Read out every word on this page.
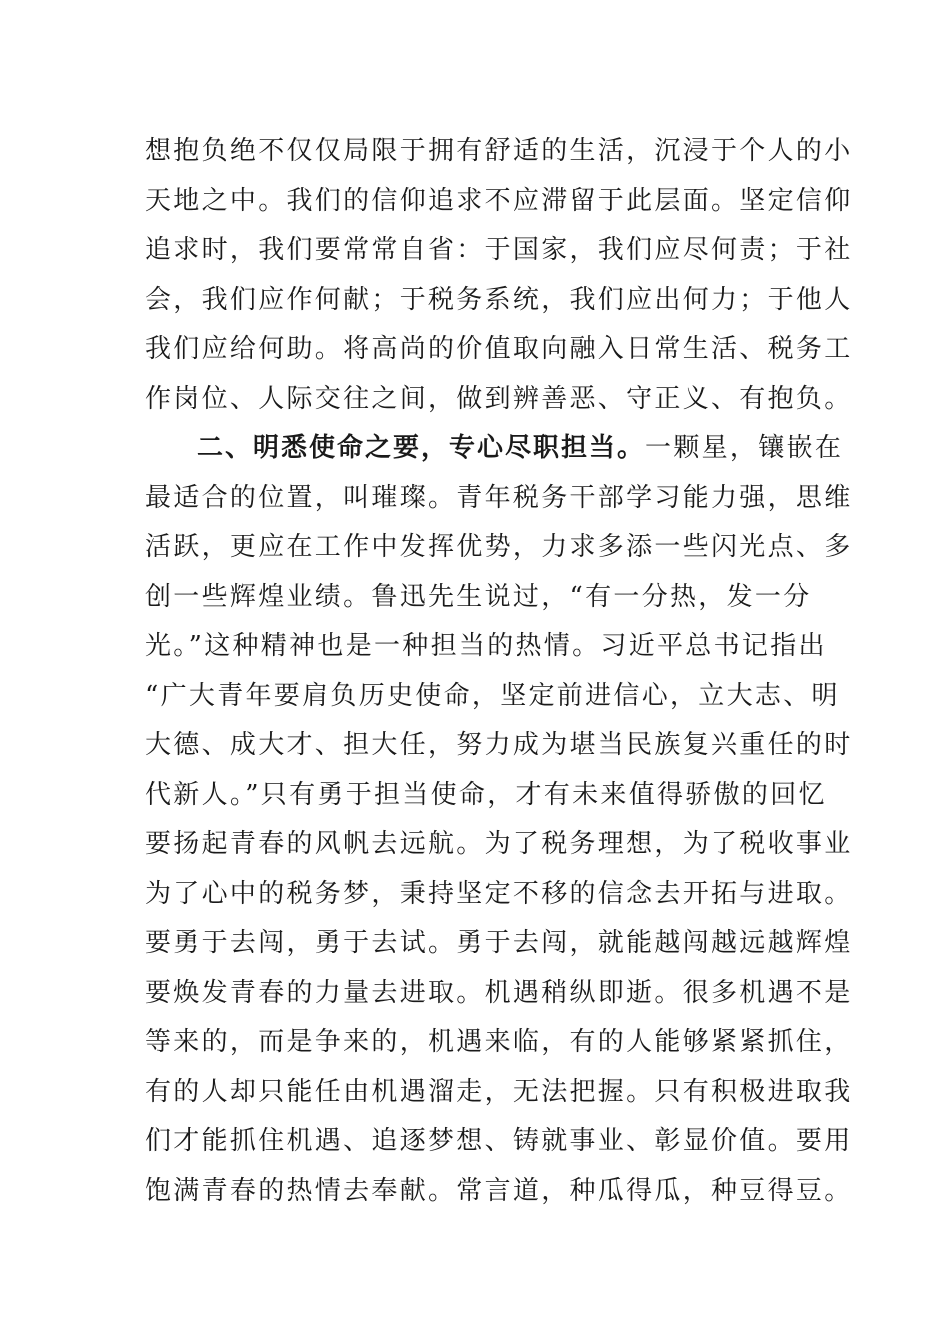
想抱负绝不仅仅局限于拥有舒适的生活，沉浸于个人的小
天地之中。我们的信仰追求不应滞留于此层面。坚定信仰
追求时，我们要常常自省：于国家，我们应尽何责；于社
会，我们应作何献；于税务系统，我们应出何力；于他人
我们应给何助。将高尚的价值取向融入日常生活、税务工
作岗位、人际交往之间，做到辨善恶、守正义、有抱负。
二、明悉使命之要，专心尽职担当。一颗星，镶嵌在
最适合的位置，叫璀璨。青年税务干部学习能力强，思维
活跃，更应在工作中发挥优势，力求多添一些闪光点、多
创一些辉煌业绩。鲁迅先生说过，“有一分热，发一分
光。”这种精神也是一种担当的热情。习近平总书记指出
“广大青年要肩负历史使命，坚定前进信心，立大志、明
大德、成大才、担大任，努力成为堪当民族复兴重任的时
代新人。”只有勇于担当使命，才有未来值得骄傲的回忆
要扬起青春的风帆去远航。为了税务理想，为了税收事业
为了心中的税务梦，秉持坚定不移的信念去开拓与进取。
要勇于去闯，勇于去试。勇于去闯，就能越闯越远越辉煌
要焕发青春的力量去进取。机遇稍纵即逝。很多机遇不是
等来的，而是争来的，机遇来临，有的人能够紧紧抓住，
有的人却只能任由机遇溜走，无法把握。只有积极进取我
们才能抓住机遇、追逐梦想、铸就事业、彰显价值。要用
饱满青春的热情去奉献。常言道，种瓜得瓜，种豆得豆。
